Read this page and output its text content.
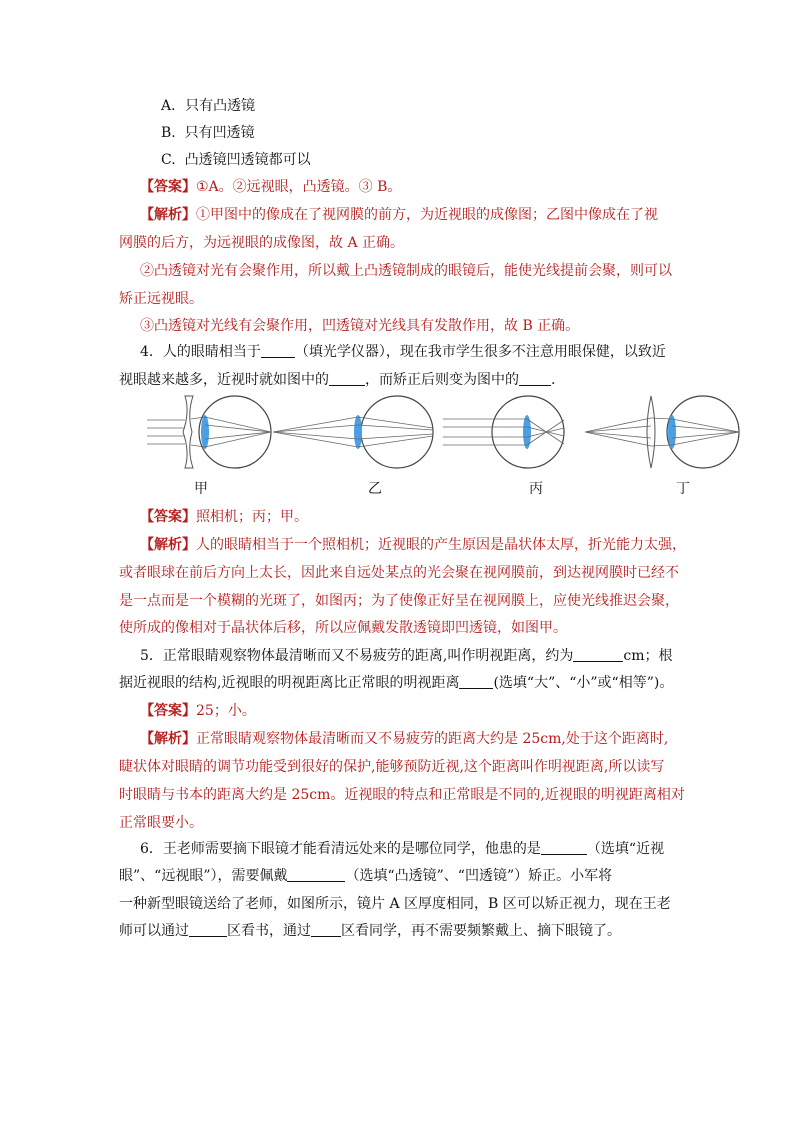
A．只有凸透镜
B.  只有凹透镜
C.  凸透镜凹透镜都可以
【答案】①A。②远视眼，凸透镜。③ B。
【解析】①甲图中的像成在了视网膜的前方，为近视眼的成像图；乙图中像成在了视
网膜的后方，为远视眼的成像图，故 A 正确。
②凸透镜对光有会聚作用，所以戴上凸透镜制成的眼镜后，能使光线提前会聚，则可以
矫正远视眼。
③凸透镜对光线有会聚作用，凹透镜对光线具有发散作用，故 B 正确。
4．人的眼睛相当于 （填光学仪器），现在我市学生很多不注意用眼保健，以致近
视眼越来越多，近视时就如图中的	，而矫正后则变为图中的 .
甲	乙	丙	丁
【答案】照相机；丙；甲。
【解析】人的眼睛相当于一个照相机；近视眼的产生原因是晶状体太厚，折光能力太强，
或者眼球在前后方向上太长，因此来自远处某点的光会聚在视网膜前，到达视网膜时已经不
是一点而是一个模糊的光斑了，如图丙；为了使像正好呈在视网膜上，应使光线推迟会聚，
使所成的像相对于晶状体后移，所以应佩戴发散透镜即凹透镜，如图甲。
5．正常眼睛观察物体最清晰而又不易疲劳的距离,叫作明视距离，约为	cm；根
据近视眼的结构,近视眼的明视距离比正常眼的明视距离 (选填“大”、“小”或“相等”)。
【答案】25；小。
【解析】正常眼睛观察物体最清晰而又不易疲劳的距离大约是 25cm,处于这个距离时,
睫状体对眼睛的调节功能受到很好的保护,能够预防近视,这个距离叫作明视距离,所以读写
时眼睛与书本的距离大约是 25cm。近视眼的特点和正常眼是不同的,近视眼的明视距离相对
正常眼要小。
6．王老师需要摘下眼镜才能看清远处来的是哪位同学，他患的是	（选填“近视
眼”、“远视眼”），需要佩戴	（选填“凸透镜”、“凹透镜”）矫正。小军将
一种新型眼镜送给了老师，如图所示，镜片 A 区厚度相同，B 区可以矫正视力，现在王老
师可以通过	区看书，通过 区看同学，再不需要频繁戴上、摘下眼镜了。
